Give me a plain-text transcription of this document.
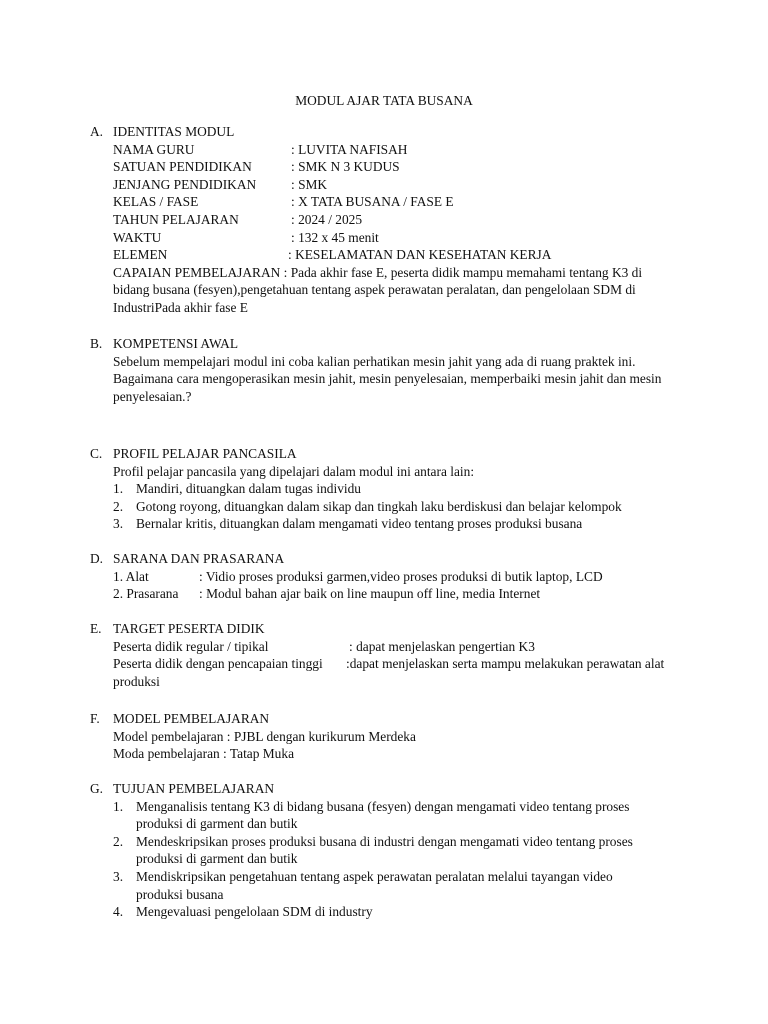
MODUL AJAR TATA BUSANA
A. IDENTITAS MODUL
NAMA GURU	: LUVITA NAFISAH
SATUAN PENDIDIKAN	: SMK N 3 KUDUS
JENJANG PENDIDIKAN	: SMK
KELAS / FASE	: X TATA BUSANA / FASE E
TAHUN PELAJARAN	: 2024 / 2025
WAKTU	: 132 x 45 menit
ELEMEN	: KESELAMATAN DAN KESEHATAN KERJA

CAPAIAN PEMBELAJARAN : Pada akhir fase E, peserta didik mampu memahami tentang K3 di bidang busana (fesyen),pengetahuan tentang aspek perawatan peralatan, dan pengelolaan SDM di IndustriPada akhir fase E

B. KOMPETENSI AWAL

Sebelum mempelajari modul ini coba kalian perhatikan mesin jahit yang ada di ruang praktek ini. Bagaimana cara mengoperasikan mesin jahit, mesin penyelesaian, memperbaiki mesin jahit dan mesin penyelesaian.?

C. PROFIL PELAJAR PANCASILA

Profil pelajar pancasila yang dipelajari dalam modul ini antara lain:

1. Mandiri, dituangkan dalam tugas individu
2. Gotong royong, dituangkan dalam sikap dan tingkah laku berdiskusi dan belajar kelompok
3. Bernalar kritis, dituangkan dalam mengamati video tentang proses produksi busana
D. SARANA DAN PRASARANA
1. Alat	: Vidio proses produksi garmen,video proses produksi di butik laptop, LCD
2. Prasarana : Modul bahan ajar baik on line maupun off line, media Internet
E. TARGET PESERTA DIDIK
Peserta didik regular / tipikal	: dapat menjelaskan pengertian K3
Peserta didik dengan pencapaian tinggi :dapat menjelaskan serta mampu melakukan perawatan alat
produksi
F. MODEL PEMBELAJARAN
Model pembelajaran : PJBL dengan kurikurum Merdeka
Moda pembelajaran : Tatap Muka
G. TUJUAN PEMBELAJARAN
1. Menganalisis tentang K3 di bidang busana (fesyen) dengan mengamati video tentang proses produksi di garment dan butik
2. Mendeskripsikan proses produksi busana di industri dengan mengamati video tentang proses produksi di garment dan butik
3. Mendiskripsikan pengetahuan tentang aspek perawatan peralatan melalui tayangan video produksi busana
4. Mengevaluasi pengelolaan SDM di industry
